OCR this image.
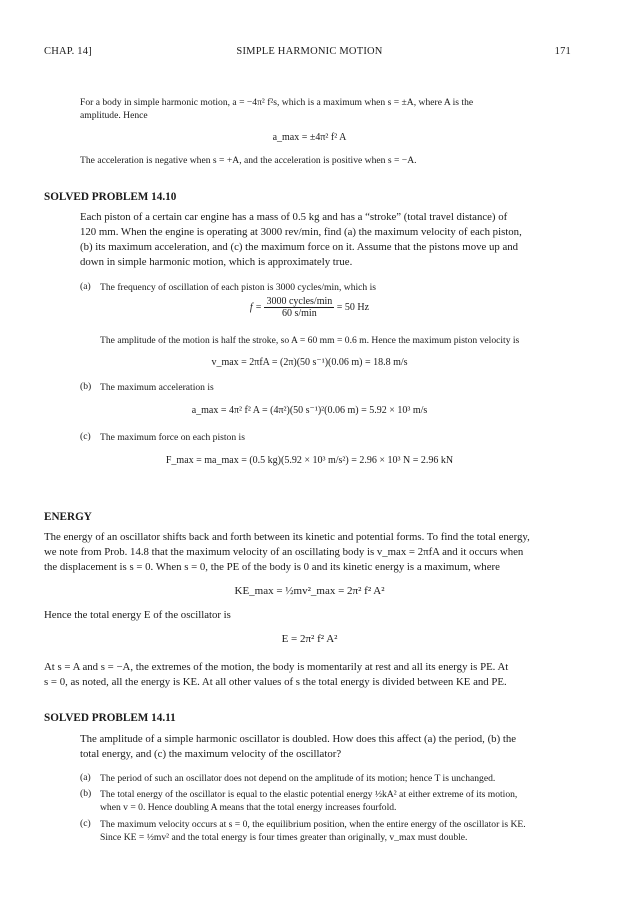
CHAP. 14]	SIMPLE HARMONIC MOTION	171

For a body in simple harmonic motion, a = −4π² f²s, which is a maximum when s = ±A, where A is the

amplitude. Hence

a_max = ±4π² f² A

The acceleration is negative when s = +A, and the acceleration is positive when s = −A.

SOLVED PROBLEM 14.10

Each piston of a certain car engine has a mass of 0.5 kg and has a “stroke” (total travel distance) of

120 mm. When the engine is operating at 3000 rev/min, find (a) the maximum velocity of each piston,

(b) its maximum acceleration, and (c) the maximum force on it. Assume that the pistons move up and

down in simple harmonic motion, which is approximately true.

(a) The frequency of oscillation of each piston is 3000 cycles/min, which is
$f = \frac{\text{3000 cycles/min}}{60 s/\min} = 50$ Hz

The amplitude of the motion is half the stroke, so A = 60 mm = 0.6 m. Hence the maximum piston velocity is

v_max = 2πfA = (2π)(50 s⁻¹)(0.06 m) = 18.8 m/s
(b) The maximum acceleration is
a_max = 4π² f² A = (4π²)(50 s⁻¹)²(0.06 m) = 5.92 × 10³ m/s
(c) The maximum force on each piston is
F_max = ma_max = (0.5 kg)(5.92 × 10³ m/s²) = 2.96 × 10³ N = 2.96 kN
ENERGY

The energy of an oscillator shifts back and forth between its kinetic and potential forms. To find the total energy,

we note from Prob. 14.8 that the maximum velocity of an oscillating body is v_max = 2πfA and it occurs when

the displacement is s = 0. When s = 0, the PE of the body is 0 and its kinetic energy is a maximum, where

KE_max = ½mv²_max = 2π² f² A²

Hence the total energy E of the oscillator is

E = 2π² f² A²

At s = A and s = −A, the extremes of the motion, the body is momentarily at rest and all its energy is PE. At

s = 0, as noted, all the energy is KE. At all other values of s the total energy is divided between KE and PE.

SOLVED PROBLEM 14.11

The amplitude of a simple harmonic oscillator is doubled. How does this affect (a) the period, (b) the

total energy, and (c) the maximum velocity of the oscillator?

(a) The period of such an oscillator does not depend on the amplitude of its motion; hence T is unchanged.

(b) The total energy of the oscillator is equal to the elastic potential energy ½kA² at either extreme of its motion,

when v = 0. Hence doubling A means that the total energy increases fourfold.

(c) The maximum velocity occurs at s = 0, the equilibrium position, when the entire energy of the oscillator is KE.

Since KE = ½mv² and the total energy is four times greater than originally, v_max must double.
